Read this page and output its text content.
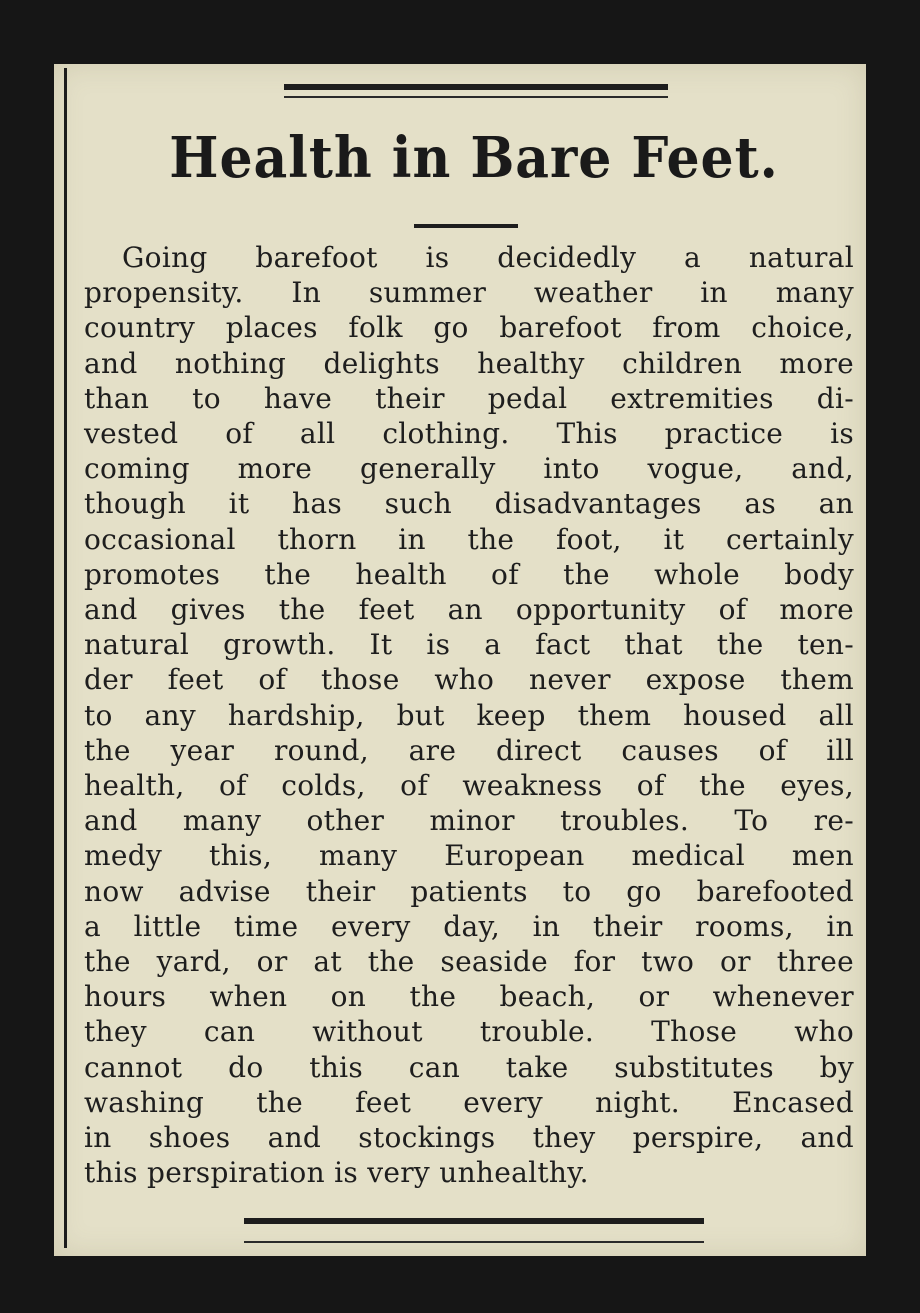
Health in Bare Feet.
Going barefoot is decidedly a natural
propensity. In summer weather in many
country places folk go barefoot from choice,
and nothing delights healthy children more
than to have their pedal extremities di-
vested of all clothing. This practice is
coming more generally into vogue, and,
though it has such disadvantages as an
occasional thorn in the foot, it certainly
promotes the health of the whole body
and gives the feet an opportunity of more
natural growth. It is a fact that the ten-
der feet of those who never expose them
to any hardship, but keep them housed all
the year round, are direct causes of ill
health, of colds, of weakness of the eyes,
and many other minor troubles. To re-
medy this, many European medical men
now advise their patients to go barefooted
a little time every day, in their rooms, in
the yard, or at the seaside for two or three
hours when on the beach, or whenever
they can without trouble. Those who
cannot do this can take substitutes by
washing the feet every night. Encased
in shoes and stockings they perspire, and
this perspiration is very unhealthy.
